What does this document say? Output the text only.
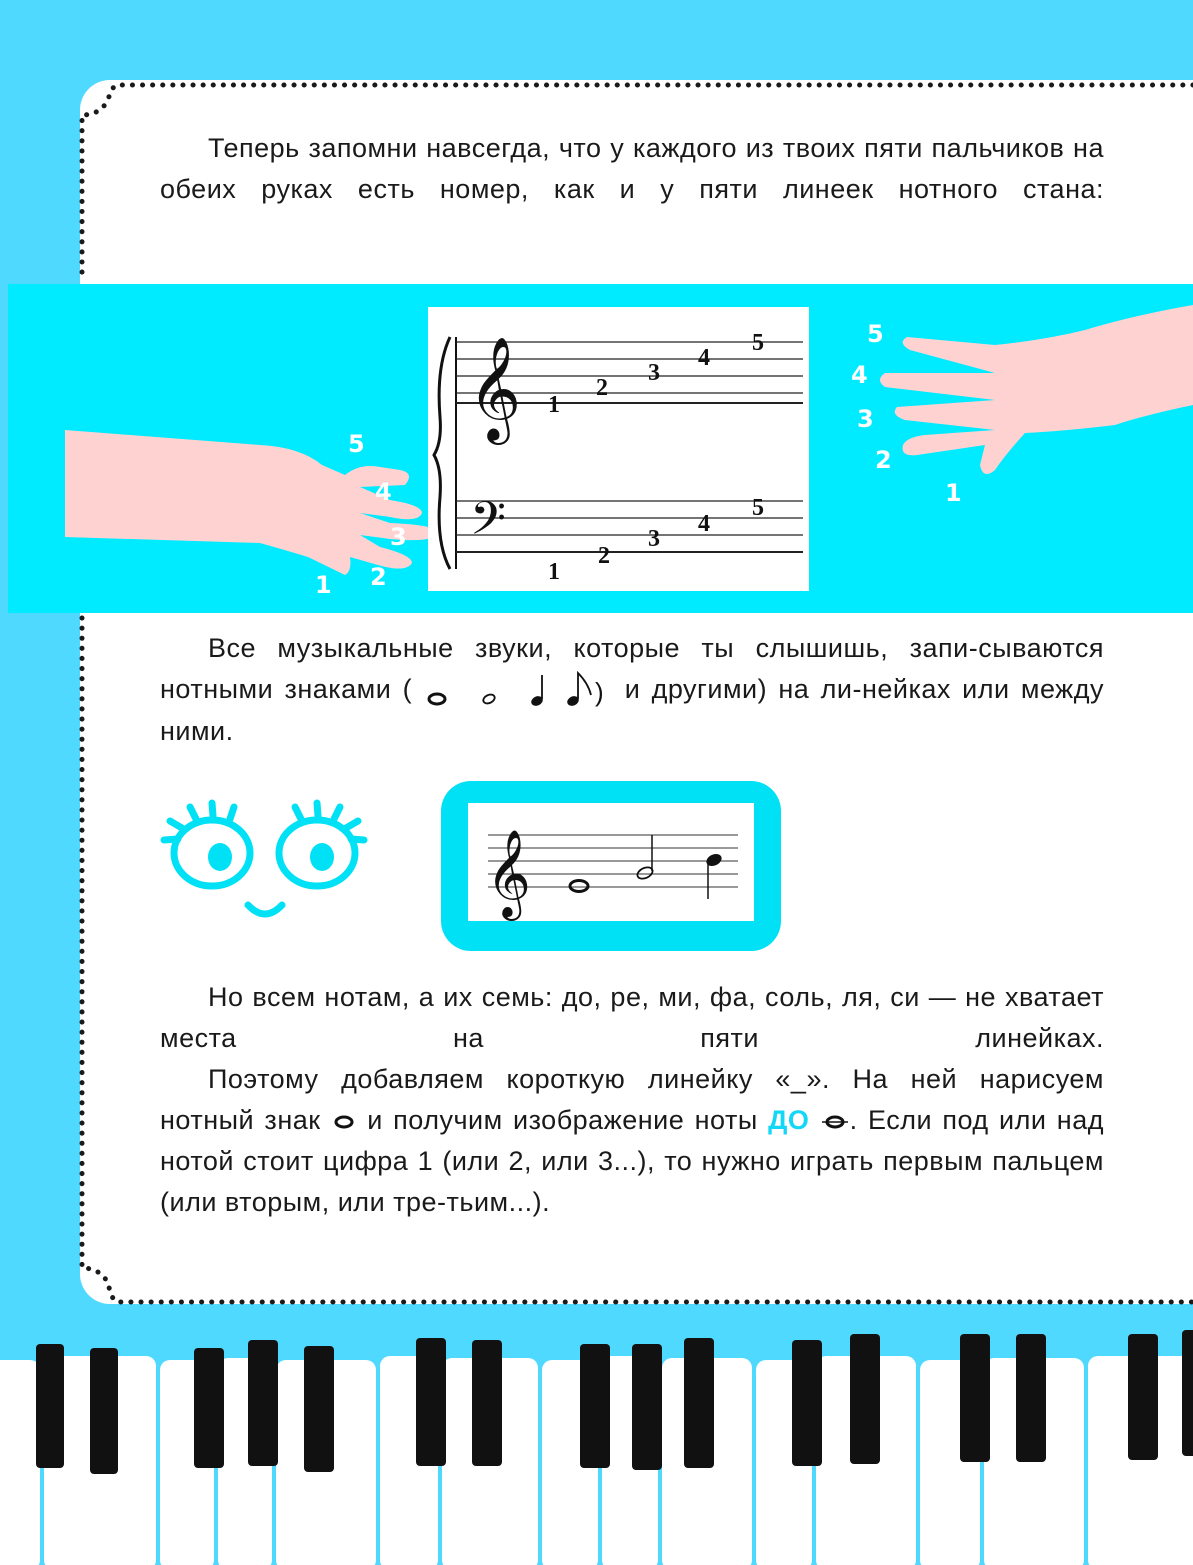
Теперь запомни навсегда, что у каждого из твоих пяти пальчиков на обеих руках есть номер, как и у пяти линеек нотного стана:
1 2
3
4
5
5
4
3
2
1
𝄞
𝄢
1
2
3
4
5
1
2
3
4
5
Все музыкальные звуки, которые ты слышишь, запи-сываются нотными знаками (	) и другими) на ли-нейках или между ними.
𝄞
Но всем нотам, а их семь: до, ре, ми, фа, соль, ля, си — не хватает места на пяти линейках.
Поэтому добавляем короткую линейку «_». На ней нарисуем нотный знак и получим изображение ноты ДО . Если под или над нотой стоит цифра 1 (или 2, или 3...), то нужно играть первым пальцем (или вторым, или тре-тьим...).
